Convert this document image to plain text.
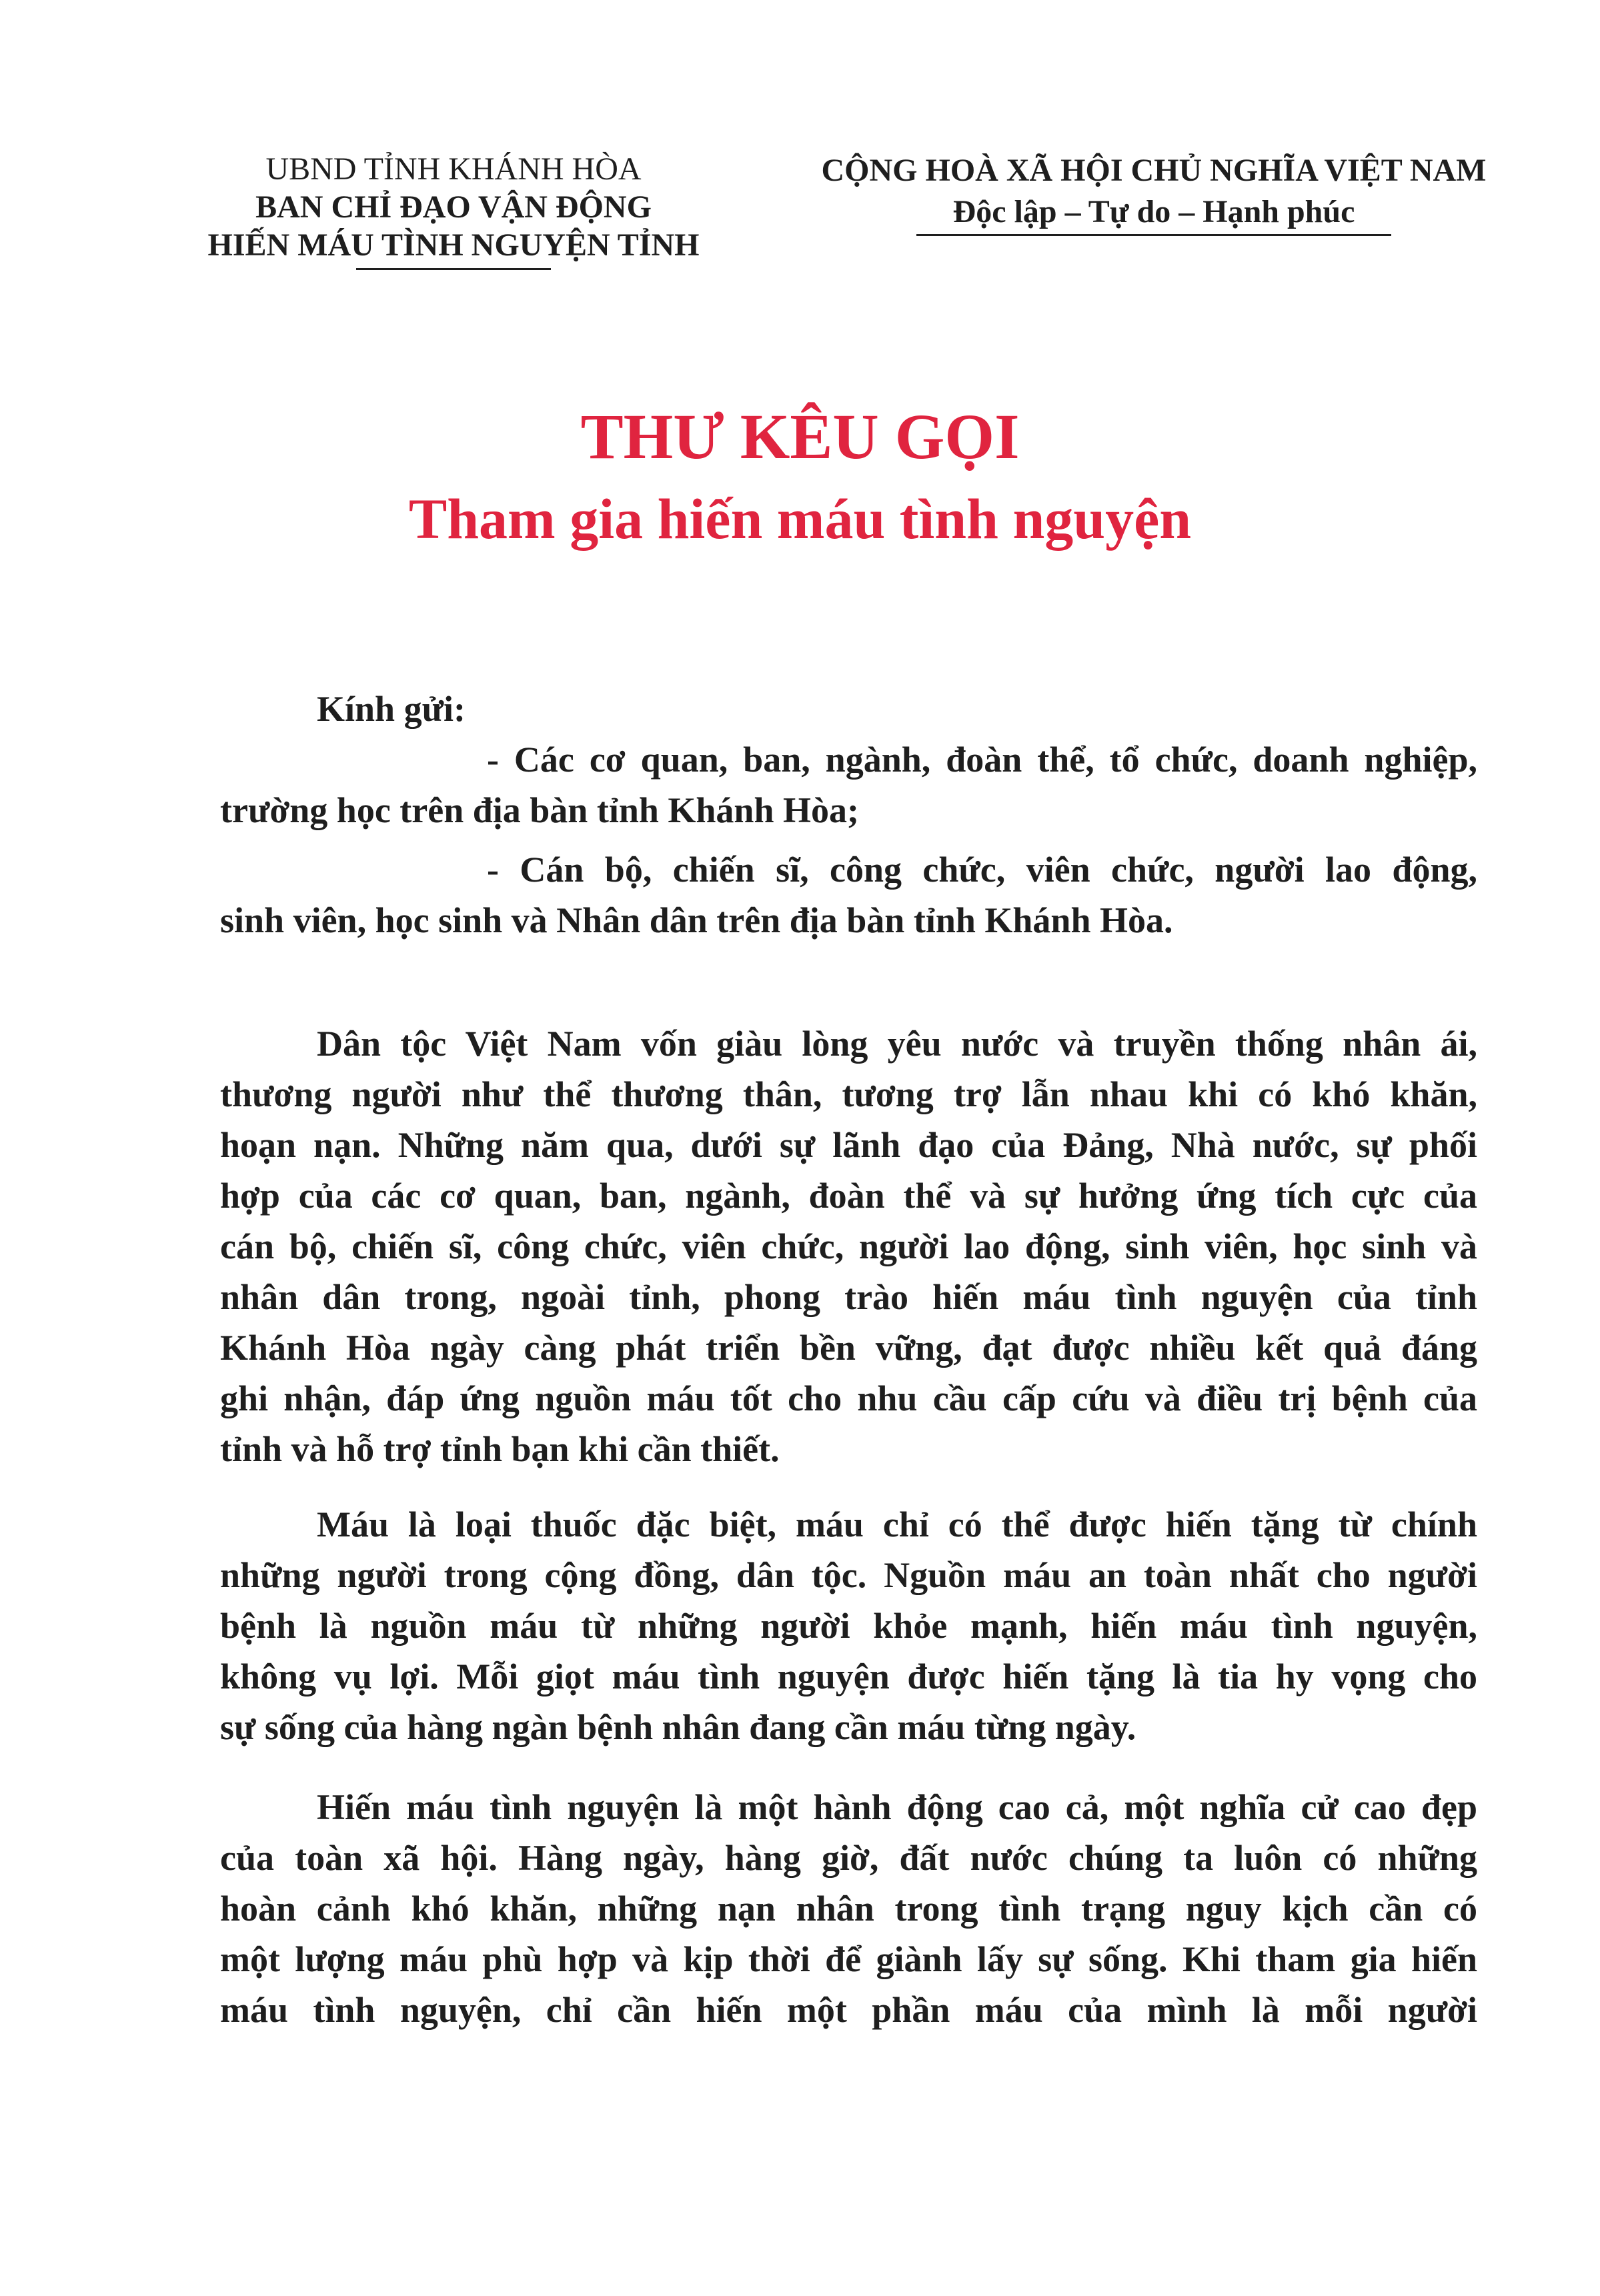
UBND TỈNH KHÁNH HÒA
BAN CHỈ ĐẠO VẬN ĐỘNG
HIẾN MÁU TÌNH NGUYỆN TỈNH
CỘNG HOÀ XÃ HỘI CHỦ NGHĨA VIỆT NAM
Độc lập – Tự do – Hạnh phúc
THƯ KÊU GỌI
Tham gia hiến máu tình nguyện
Kính gửi:
- Các cơ quan, ban, ngành, đoàn thể, tổ chức, doanh nghiệp,
trường học trên địa bàn tỉnh Khánh Hòa;
- Cán bộ, chiến sĩ, công chức, viên chức, người lao động,
sinh viên, học sinh và Nhân dân trên địa bàn tỉnh Khánh Hòa.
Dân tộc Việt Nam vốn giàu lòng yêu nước và truyền thống nhân ái,
thương người như thể thương thân, tương trợ lẫn nhau khi có khó khăn,
hoạn nạn. Những năm qua, dưới sự lãnh đạo của Đảng, Nhà nước, sự phối
hợp của các cơ quan, ban, ngành, đoàn thể và sự hưởng ứng tích cực của
cán bộ, chiến sĩ, công chức, viên chức, người lao động, sinh viên, học sinh và
nhân dân trong, ngoài tỉnh, phong trào hiến máu tình nguyện của tỉnh
Khánh Hòa ngày càng phát triển bền vững, đạt được nhiều kết quả đáng
ghi nhận, đáp ứng nguồn máu tốt cho nhu cầu cấp cứu và điều trị bệnh của
tỉnh và hỗ trợ tỉnh bạn khi cần thiết.
Máu là loại thuốc đặc biệt, máu chỉ có thể được hiến tặng từ chính
những người trong cộng đồng, dân tộc. Nguồn máu an toàn nhất cho người
bệnh là nguồn máu từ những người khỏe mạnh, hiến máu tình nguyện,
không vụ lợi. Mỗi giọt máu tình nguyện được hiến tặng là tia hy vọng cho
sự sống của hàng ngàn bệnh nhân đang cần máu từng ngày.
Hiến máu tình nguyện là một hành động cao cả, một nghĩa cử cao đẹp
của toàn xã hội. Hàng ngày, hàng giờ, đất nước chúng ta luôn có những
hoàn cảnh khó khăn, những nạn nhân trong tình trạng nguy kịch cần có
một lượng máu phù hợp và kịp thời để giành lấy sự sống. Khi tham gia hiến
máu tình nguyện, chỉ cần hiến một phần máu của mình là mỗi người
